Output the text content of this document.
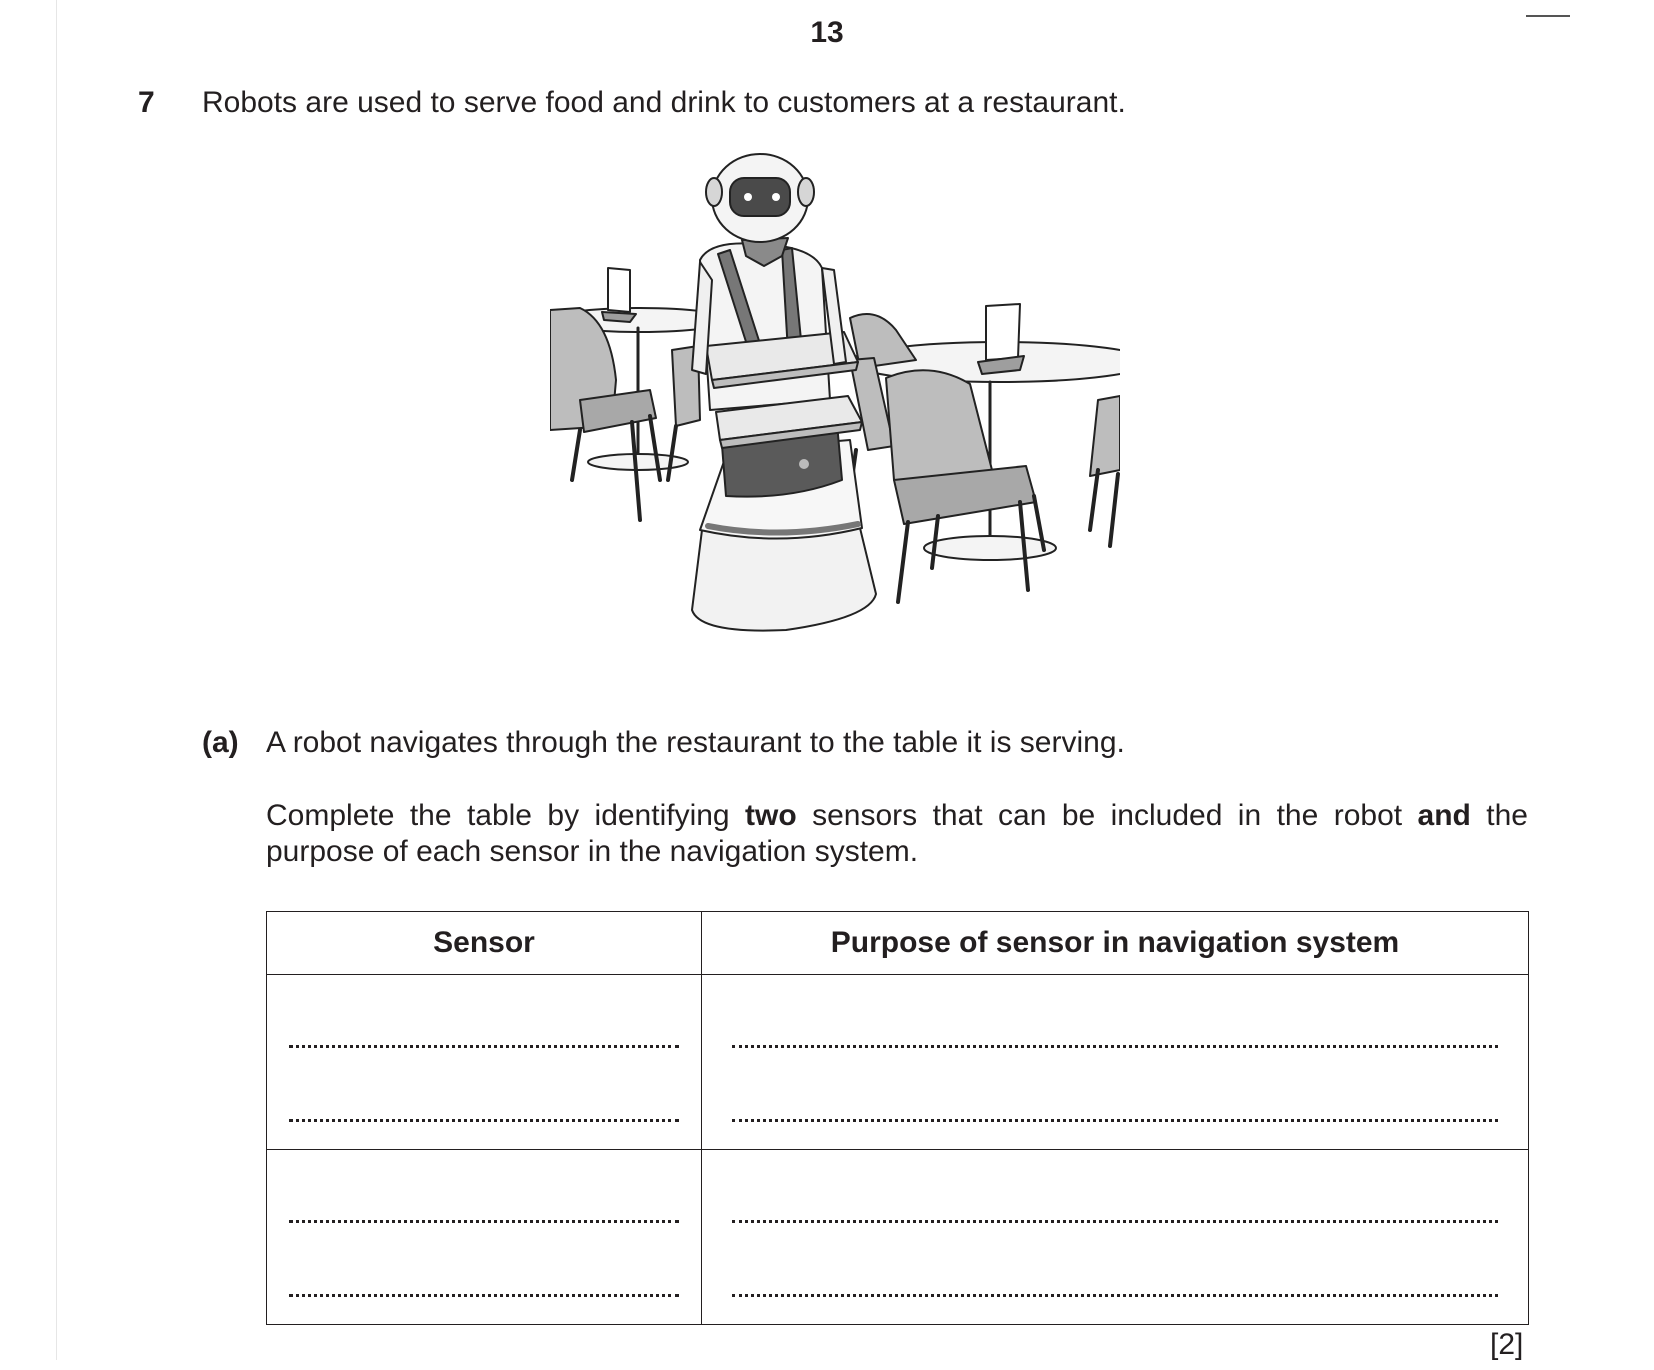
13
7 Robots are used to serve food and drink to customers at a restaurant.
(a) A robot navigates through the restaurant to the table it is serving.
Complete the table by identifying two sensors that can be included in the robot and the purpose of each sensor in the navigation system.
Sensor	Purpose of sensor in navigation system

[2]
